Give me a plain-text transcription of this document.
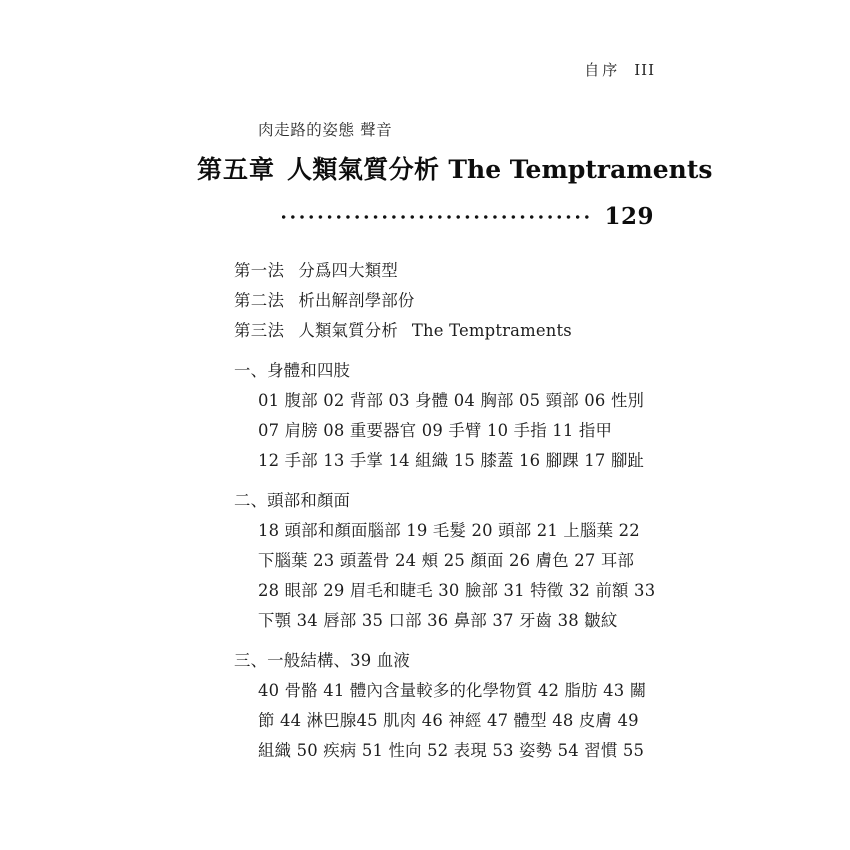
自序 III
肉走路的姿態 聲音
第五章 人類氣質分析 The Temptraments
129
第一法 分爲四大類型
第二法 析出解剖學部份
第三法 人類氣質分析 The Temptraments
一、身體和四肢
01 腹部 02 背部 03 身體 04 胸部 05 頸部 06 性別
07 肩膀 08 重要器官 09 手臂 10 手指 11 指甲
12 手部 13 手掌 14 組織 15 膝蓋 16 腳踝 17 腳趾
二、頭部和顏面
18 頭部和顏面腦部 19 毛髮 20 頭部 21 上腦葉 22
下腦葉 23 頭蓋骨 24 頰 25 顏面 26 膚色 27 耳部
28 眼部 29 眉毛和睫毛 30 臉部 31 特徵 32 前額 33
下顎 34 唇部 35 口部 36 鼻部 37 牙齒 38 皺紋
三、一般結構、39 血液
40 骨骼 41 體內含量較多的化學物質 42 脂肪 43 關
節 44 淋巴腺45 肌肉 46 神經 47 體型 48 皮膚 49
組織 50 疾病 51 性向 52 表現 53 姿勢 54 習慣 55
